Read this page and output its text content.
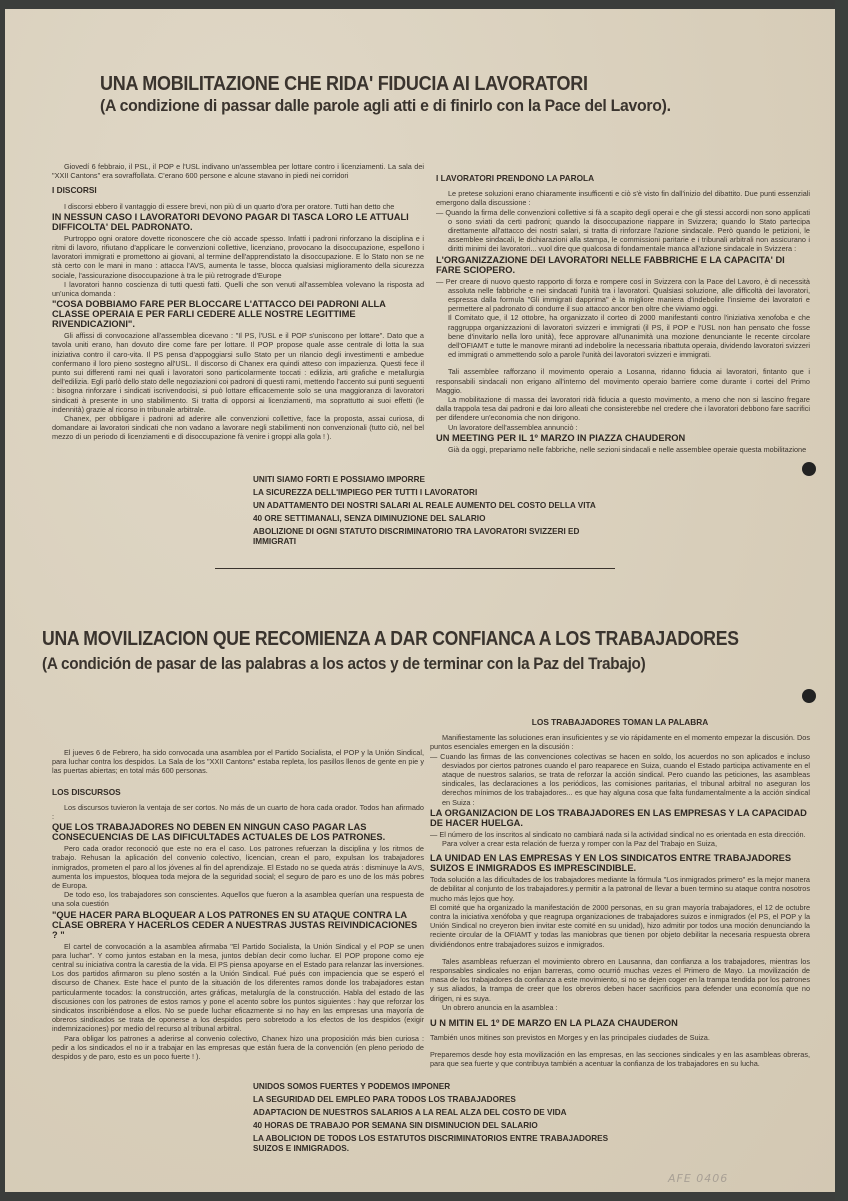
UNA MOBILITAZIONE CHE RIDA' FIDUCIA AI LAVORATORI
(A condizione di passar dalle parole agli atti e di finirlo con la Pace del Lavoro).

Giovedí 6 febbraio, il PSL, il POP e l'USL indivano un'assemblea per lottare contro i licenziamenti. La sala dei "XXII Cantons" era sovraffollata. C'erano 600 persone e alcune stavano in piedi nei corridori

I DISCORSI

I discorsi ebbero il vantaggio di essere brevi, non più di un quarto d'ora per oratore. Tutti han detto che

IN NESSUN CASO I LAVORATORI DEVONO PAGAR DI TASCA LORO LE ATTUALI DIFFICOLTA' DEL PADRONATO.

Purtroppo ogni oratore dovette riconoscere che ciò accade spesso. Infatti i padroni rinforzano la disciplina e i ritmi di lavoro, rifiutano d'applicare le convenzioni collettive, licenziano, provocano la disoccupazione, espellono i lavoratori immigrati e promettono ai giovani, al termine dell'apprendistato la disoccupazione. E lo Stato non se ne stà certo con le mani in mano : attacca l'AVS, aumenta le tasse, blocca qualsiasi miglioramento della sicurezza sociale, l'assicurazione disoccupazione à tra le più retrograde d'Europe

I lavoratori hanno coscienza di tutti questi fatti. Quelli che son venuti all'assemblea volevano la risposta ad un'unica domanda :

"COSA DOBBIAMO FARE PER BLOCCARE L'ATTACCO DEI PADRONI ALLA CLASSE OPERAIA E PER FARLI CEDERE ALLE NOSTRE LEGITTIME RIVENDICAZIONI".

Gli affissi di convocazione all'assemblea dicevano : "Il PS, l'USL e il POP s'uniscono per lottare". Dato que a tavola uniti erano, han dovuto dire come fare per lottare. Il POP propose quale asse centrale di lotta la sua iniziativa contro il caro-vita. Il PS pensa d'appoggiarsi sullo Stato per un rilancio degli investimenti e ambedue confermano il loro pieno sostegno all'USL. Il discorso di Chanex era quindi atteso con impazienza. Questi fece il punto sui differenti rami nei quali i lavoratori sono particolarmente toccati : edilizia, arti grafiche e metallurgia dell'edilizia. Egli parlò dello stato delle negoziazioni coi padroni di questi rami, mettendo l'accento sui punti seguenti : bisogna rinforzare i sindicati iscrivendocisi, si può lottare efficacemente solo se una maggioranza di lavoratori sindicati à presente in uno stabilimento. Si tratta di opporsi ai licenziamenti, ma soprattutto ai suoi effetti (le indennità) grazie al ricorso in tribunale arbitrale.

Chanex, per obbligare i padroni ad aderire alle convenzioni collettive, face la proposta, assai curiosa, di domandare ai lavoratori sindicati che non vadano a lavorare negli stabilimenti non convenzionali (tutto ciò, nel bel mezzo di un periodo di licenziamenti e di disoccupazione fà venire i groppi alla gola ! ).

I LAVORATORI PRENDONO LA PAROLA

Le pretese soluzioni erano chiaramente insufficenti e ciò s'è visto fin dall'inizio del dibattito. Due punti essenziali emergono dalla discussione :

— Quando la firma delle convenzioni collettive si fà a scapito degli operai e che gli stessi accordi non sono applicati o sono sviati da certi padroni; quando la disoccupazione riappare in Svizzera; quando lo Stato partecipa direttamente all'attacco dei nostri salari, si tratta di rinforzare l'azione sindacale. Però quando le petizioni, le assemblee sindacali, le dichiarazioni alla stampa, le commissioni paritarie e i tribunali arbitrali non assicurano i diritti minimi dei lavoratori... vuol dire que qualcosa di fondamentale manca all'azione sindacale in Svizzera :

L'ORGANIZZAZIONE DEI LAVORATORI NELLE FABBRICHE E LA CAPACITA' DI FARE SCIOPERO.

— Per creare di nuovo questo rapporto di forza e rompere cosí in Svizzera con la Pace del Lavoro, è di necessità assoluta nelle fabbriche e nei sindacati l'unità tra i lavoratori. Qualsiasi soluzione, alle difficoltà dei lavoratori, espressa dalla formula "Gli immigrati dapprima" è la migliore maniera d'indebolire l'insieme dei lavoratori e permettere al padronato di condurre il suo attacco ancor ben oltre che viviamo oggi.

Il Comitato que, il 12 ottobre, ha organizzato il corteo di 2000 manifestanti contro l'iniziativa xenofoba e che raggruppa organizzazioni di lavoratori svizzeri e immigrati (il PS, il POP e l'USL non han pensato che fosse bene d'invitarlo nella loro unità), fece approvare all'unanimità una mozione denunciante le recente circolare dell'OFIAMT e tutte le manovre miranti ad indebolire la necessaria ribattuta operaia, dividendo lavoratori svizzeri ed immigrati o ammettendo solo a parole l'unità dei lavoratori svizzeri e immigrati.

Tali assemblee rafforzano il movimento operaio a Losanna, ridanno fiducia ai lavoratori, fintanto que i responsabili sindacali non erigano all'interno del movimento operaio barriere come durante i cortei del Primo Maggio.

La mobilitazione di massa dei lavoratori ridà fiducia a questo movimento, a meno che non si lascino fregare dalla trappola tesa dai padroni e dai loro alleati che consisterebbe nel credere che i lavoratori debbono fare sacrifici per difendere un'economia che non dirigono.

Un lavoratore dell'assemblea annunciò :

UN MEETING PER IL 1º MARZO IN PIAZZA CHAUDERON

Già da oggi, prepariamo nelle fabbriche, nelle sezioni sindacali e nelle assemblee operaie questa mobilitazione

UNITI SIAMO FORTI E POSSIAMO IMPORRE
LA SICUREZZA DELL'IMPIEGO PER TUTTI I LAVORATORI
UN ADATTAMENTO DEI NOSTRI SALARI AL REALE AUMENTO DEL COSTO DELLA VITA
40 ORE SETTIMANALI, SENZA DIMINUZIONE DEL SALARIO
ABOLIZIONE DI OGNI STATUTO DISCRIMINATORIO TRA LAVORATORI SVIZZERI ED IMMIGRATI
UNA MOVILIZACION QUE RECOMIENZA A DAR CONFIANCA A LOS TRABAJADORES
(A condición de pasar de las palabras a los actos y de terminar con la Paz del Trabajo)

El jueves 6 de Febrero, ha sido convocada una asamblea por el Partido Socialista, el POP y la Unión Sindical, para luchar contra los despidos. La Sala de los "XXII Cantons" estaba repleta, los pasillos llenos de gente en pie y las puertas abiertas; en total más 600 personas.

LOS DISCURSOS

Los discursos tuvieron la ventaja de ser cortos. No más de un cuarto de hora cada orador. Todos han afirmado :

QUE LOS TRABAJADORES NO DEBEN EN NINGUN CASO PAGAR LAS CONSECUENCIAS DE LAS DIFICULTADES ACTUALES DE LOS PATRONES.

Pero cada orador reconoció que este no era el caso. Los patrones refuerzan la disciplina y los ritmos de trabajo. Rehusan la aplicación del convenio colectivo, licencian, crean el paro, expulsan los trabajadores inmigrados, prometen el paro al los jóvenes al fin del aprendizaje. El Estado no se queda atrás : disminuye la AVS, aumenta los impuestos, bloquea toda mejora de la seguridad social; el seguro de paro es uno de los más pobres de Europa.

De todo eso, los trabajadores son conscientes. Aquellos que fueron a la asamblea querían una respuesta de una sola cuestión

"QUE HACER PARA BLOQUEAR A LOS PATRONES EN SU ATAQUE CONTRA LA CLASE OBRERA Y HACERLOS CEDER A NUESTRAS JUSTAS REIVINDICACIONES ? "

El cartel de convocación a la asamblea afirmaba "El Partido Socialista, la Unión Sindical y el POP se unen para luchar". Y como juntos estaban en la mesa, juntos debían decir como luchar. El POP propone como eje central su iniciativa contra la carestia de la vida. El PS piensa apoyarse en el Estado para relanzar las inversiones. Los dos partidos afirmaron su pleno sostén a la Unión Sindical. Fué pués con impaciencia que se esperó el discurso de Chanex. Este hace el punto de la situación de los diferentes ramos donde los trabajadores estan particularmente tocados: la construcción, artes gráficas, metalurgía de la construcción. Habla del estado de las discusiones con los patrones de estos ramos y pone el acento sobre los puntos siguientes : hay que reforzar los sindicatos inscribiéndose a ellos. No se puede luchar eficazmente si no hay en las empresas una mayoría de obreros sindicados se trata de oponerse a los despidos pero sobretodo a los efectos de los despidos (exigir indemnizaciones) por medio del recurso al tribunal arbitral.

Para obligar los patrones a aderirse al convenio colectivo, Chanex hizo una proposición más bien curiosa : pedir a los sindicados el no ir a trabajar en las empresas que están fuera de la convención (en pleno periodo de despidos y de paro, esto es un poco fuerte ! ).

LOS TRABAJADORES TOMAN LA PALABRA

Manifiestamente las soluciones eran insuficientes y se vio rápidamente en el momento empezar la discusión. Dos puntos esenciales emergen en la discusión :

— Cuando las firmas de las convenciones colectivas se hacen en soldo, los acuerdos no son aplicados e incluso desviados por ciertos patrones cuando el paro reaparece en Suiza, cuando el Estado participa activamente en el ataque de nuestros salarios, se trata de reforzar la acción sindical. Pero cuando las peticiones, las asambleas sindicales, las declaraciones a los periódicos, las comisiones paritarias, el tribunal arbitral no aseguran los derechos mínimos de los trabajadores... es que hay alguna cosa que falta fundamentalmente a la acción sindical en Suiza :

LA ORGANIZACION DE LOS TRABAJADORES EN LAS EMPRESAS Y LA CAPACIDAD DE HACER HUELGA.

— El número de los inscritos al sindicato no cambiará nada si la actividad sindical no es orientada en esta dirección.

Para volver a crear esta relación de fuerza y romper con la Paz del Trabajo en Suiza,

LA UNIDAD EN LAS EMPRESAS Y EN LOS SINDICATOS ENTRE TRABAJADORES SUIZOS E INMIGRADOS ES IMPRESCINDIBLE.

Toda solución a las dificultades de los trabajadores mediante la fórmula "Los inmigrados primero" es la mejor manera de debilitar al conjunto de los trabajadores.y permitir a la patronal de llevar a buen termino su ataque contra nosotros mucho más lejos que hoy.

El comité que ha organizado la manifestación de 2000 personas, en su gran mayoría trabajadores, el 12 de octubre contra la iniciativa xenófoba y que reagrupa organizaciones de trabajadores suizos e inmigrados (el PS, el POP y la Unión Sindical no creyeron bien invitar este comité en su unidad), hizo admitir por todos una moción denunciando la reciente circular de la OFIAMT y todas las maniobras que tienen por objeto debilitar la necesaria respuesta obrera dividiéndonos entre trabajadores suizos e inmigrados.

Tales asambleas refuerzan el movimiento obrero en Lausanna, dan confianza a los trabajadores, mientras los responsables sindicales no erijan barreras, como ocurrió muchas vezes el Primero de Mayo. La movilización de masa de los trabajadores da confianza a este movimiento, si no se dejen coger en la trampa tendida por los patrones y sus aliados, la trampa de creer que los obreros deben hacer sacrificios para defender una economía que no dirigen, ni es suya.

Un obrero anuncia en la asamblea :

U N MITIN EL 1º DE MARZO EN LA PLAZA CHAUDERON

También unos mitines son previstos en Morges y en las principales ciudades de Suiza.

Preparemos desde hoy esta movilización en las empresas, en las secciones sindicales y en las asambleas obreras, para que sea fuerte y que contribuya también a acentuar la confianza de los trabajadores en su lucha.

UNIDOS SOMOS FUERTES Y PODEMOS IMPONER
LA SEGURIDAD DEL EMPLEO PARA TODOS LOS TRABAJADORES
ADAPTACION DE NUESTROS SALARIOS A LA REAL ALZA DEL COSTO DE VIDA
40 HORAS DE TRABAJO POR SEMANA SIN DISMINUCION DEL SALARIO
LA ABOLICION DE TODOS LOS ESTATUTOS DISCRIMINATORIOS ENTRE TRABAJADORES SUIZOS E INMIGRADOS.
AFE 0406
